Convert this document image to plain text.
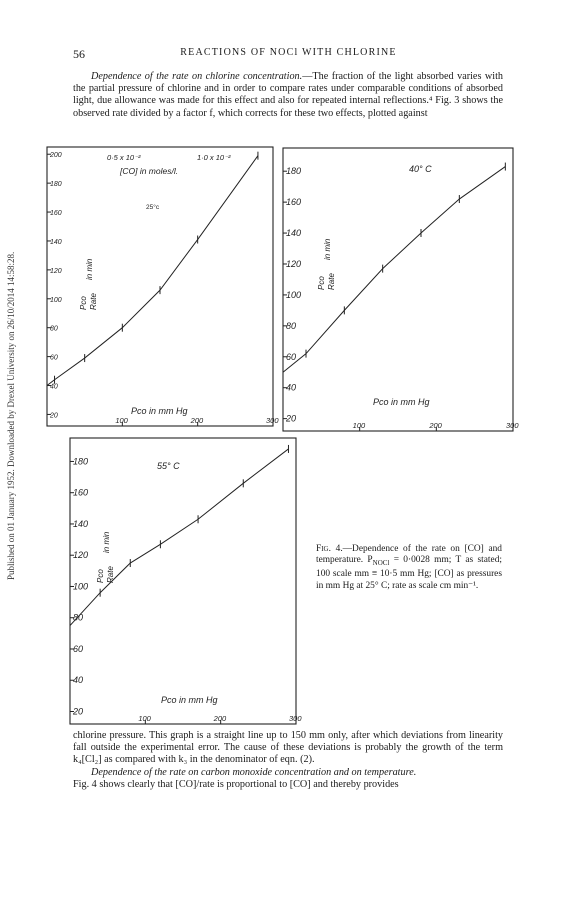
56	REACTIONS OF NOCl WITH CHLORINE
Published on 01 January 1952. Downloaded by Drexel University on 26/10/2014 14:58:28.

Dependence of the rate on chlorine concentration.—The fraction of the light absorbed varies with the partial pressure of chlorine and in order to compare rates under comparable conditions of absorbed light, due allowance was made for this effect and also for repeated internal reflections.⁴ Fig. 3 shows the observed rate divided by a factor f, which corrects for these two effects, plotted against

200
180
160
140
120
100
80
60
40
20
100	200	300
0·5 x 10⁻²	1·0 x 10⁻²
[CO] in moles/l.
25°c
Pco Rate
in min
Pco in mm Hg
180
160
140
120
100
80
60
40
20
100	200	300
40° C
Pco Rate
in min
Pco in mm Hg
180
160
140
120
100
80
60
40
20
100	200	300
55° C
Pco Rate
in min
Pco in mm Hg

Fig. 4.—Dependence of the rate on [CO] and temperature. $P_{NOCl} = 0\cdot 0028$ mm; T as stated; 100 scale mm ≡ 10·5 mm Hg; [CO] as pressures in mm Hg at 25° C; rate as scale cm min⁻¹.

chlorine pressure. This graph is a straight line up to 150 mm only, after which deviations from linearity fall outside the experimental error. The cause of these deviations is probably the growth of the term k₄[Cl₂] as compared with k₃ in the denominator of eqn. (2).

Dependence of the rate on carbon monoxide concentration and on temperature.

Fig. 4 shows clearly that [CO]/rate is proportional to [CO] and thereby provides
